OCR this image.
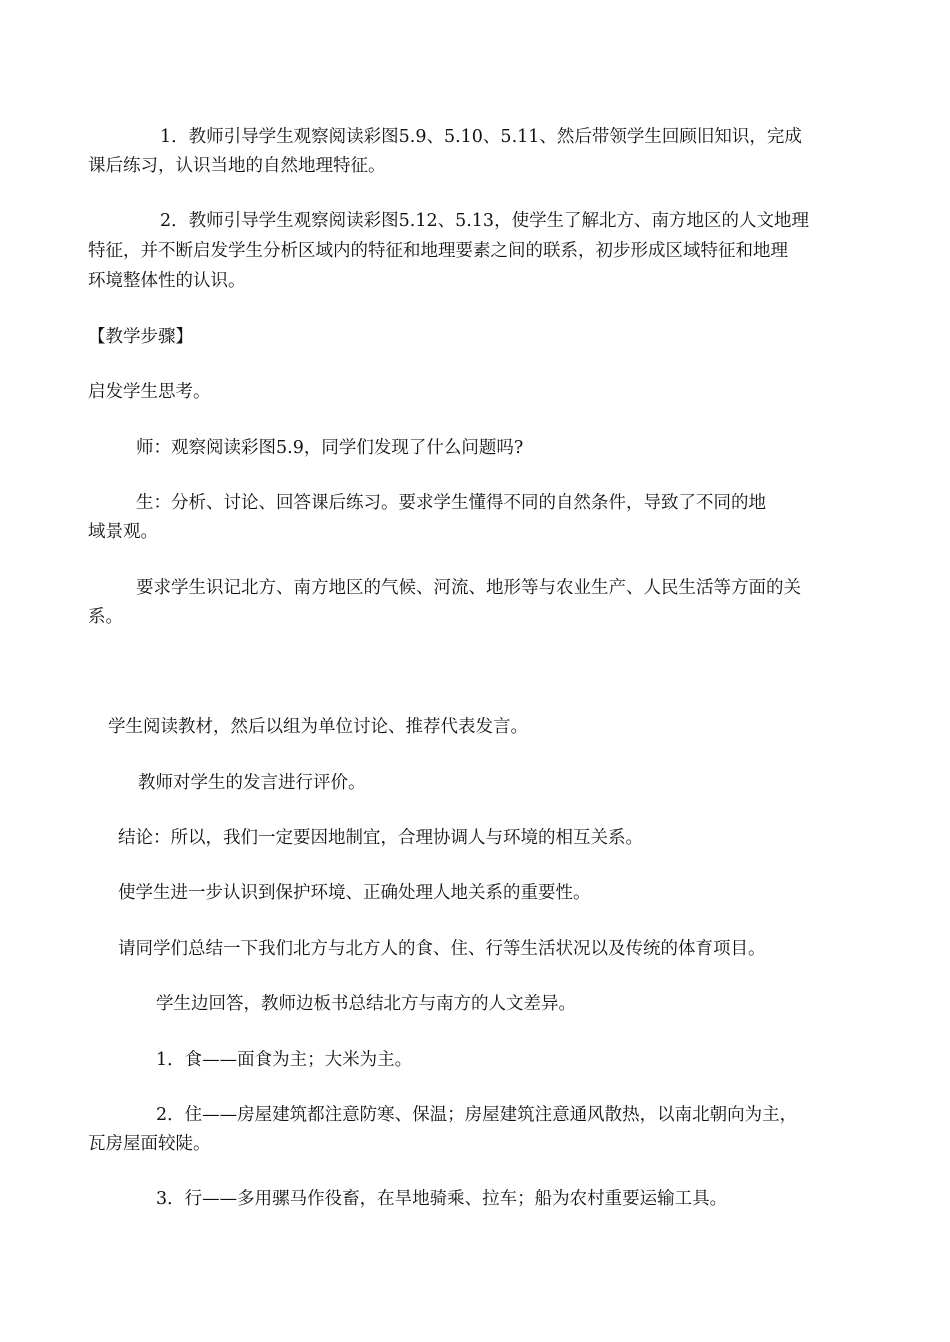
1．教师引导学生观察阅读彩图5.9、5.10、5.11、然后带领学生回顾旧知识，完成
课后练习，认识当地的自然地理特征。
2．教师引导学生观察阅读彩图5.12、5.13，使学生了解北方、南方地区的人文地理
特征，并不断启发学生分析区域内的特征和地理要素之间的联系，初步形成区域特征和地理
环境整体性的认识。
【教学步骤】
启发学生思考。
师：观察阅读彩图5.9，同学们发现了什么问题吗?
生：分析、讨论、回答课后练习。要求学生懂得不同的自然条件，导致了不同的地
域景观。
要求学生识记北方、南方地区的气候、河流、地形等与农业生产、人民生活等方面的关
系。
学生阅读教材，然后以组为单位讨论、推荐代表发言。
教师对学生的发言进行评价。
结论：所以，我们一定要因地制宜，合理协调人与环境的相互关系。
使学生进一步认识到保护环境、正确处理人地关系的重要性。
请同学们总结一下我们北方与北方人的食、住、行等生活状况以及传统的体育项目。
学生边回答，教师边板书总结北方与南方的人文差异。
1．食——面食为主；大米为主。
2．住——房屋建筑都注意防寒、保温；房屋建筑注意通风散热，以南北朝向为主，
瓦房屋面较陡。
3．行——多用骡马作役畜，在旱地骑乘、拉车；船为农村重要运输工具。
